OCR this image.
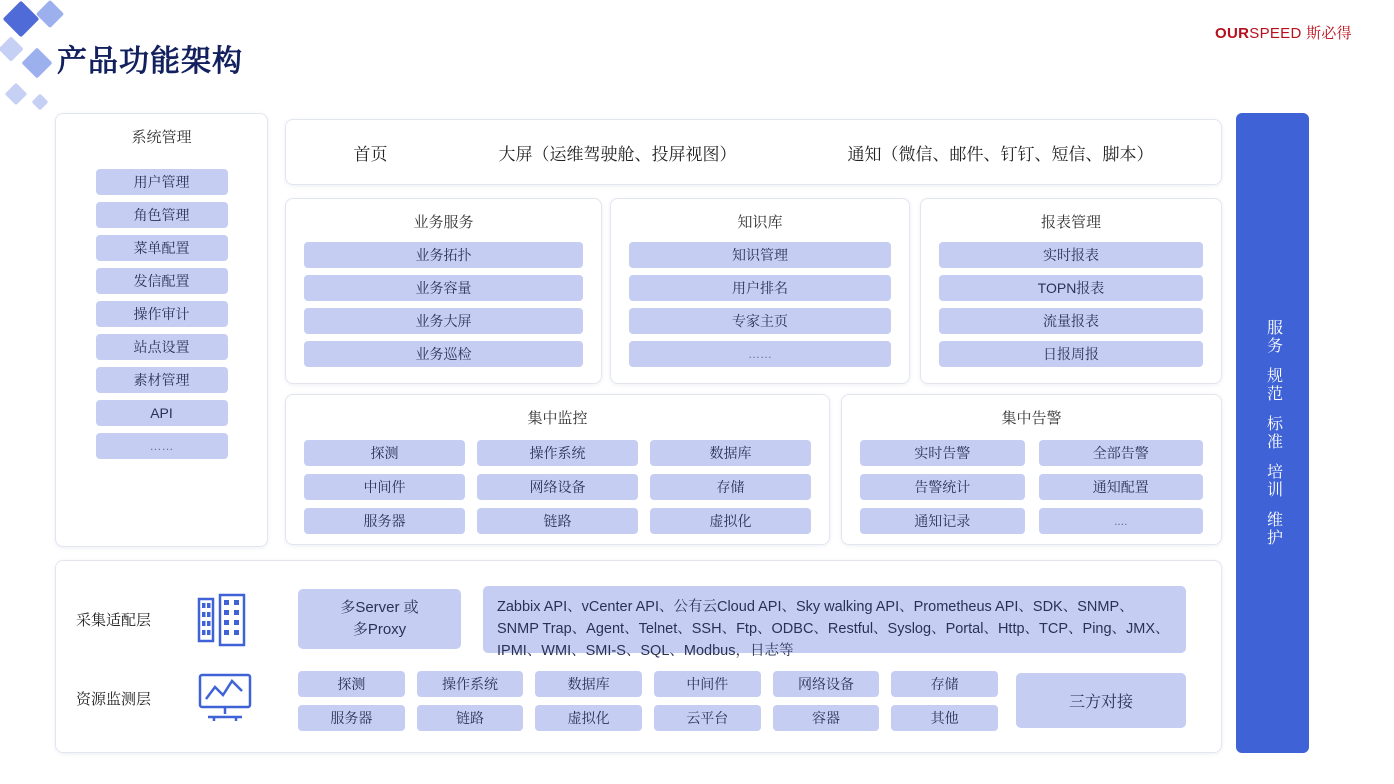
产品功能架构
OURSPEED 斯必得
系统管理
用户管理
角色管理
菜单配置
发信配置
操作审计
站点设置
素材管理
API
……
首页	大屏（运维驾驶舱、投屏视图）	通知（微信、邮件、钉钉、短信、脚本）
业务服务
业务拓扑
业务容量
业务大屏
业务巡检
知识库
知识管理
用户排名
专家主页
……
报表管理
实时报表
TOPN报表
流量报表
日报周报
集中监控
探测	操作系统	数据库
中间件	网络设备	存储
服务器	链路	虚拟化
集中告警
实时告警	全部告警
告警统计	通知配置
通知记录	....
服务
规范
标准
培训
维护
采集适配层
资源监测层
多Server 或
多Proxy
Zabbix API、vCenter API、公有云Cloud API、Sky walking API、Prometheus API、SDK、SNMP、SNMP Trap、Agent、Telnet、SSH、Ftp、ODBC、Restful、Syslog、Portal、Http、TCP、Ping、JMX、IPMI、WMI、SMI-S、SQL、Modbus，日志等
探测	操作系统	数据库	中间件	网络设备	存储
服务器	链路	虚拟化	云平台	容器	其他
三方对接
